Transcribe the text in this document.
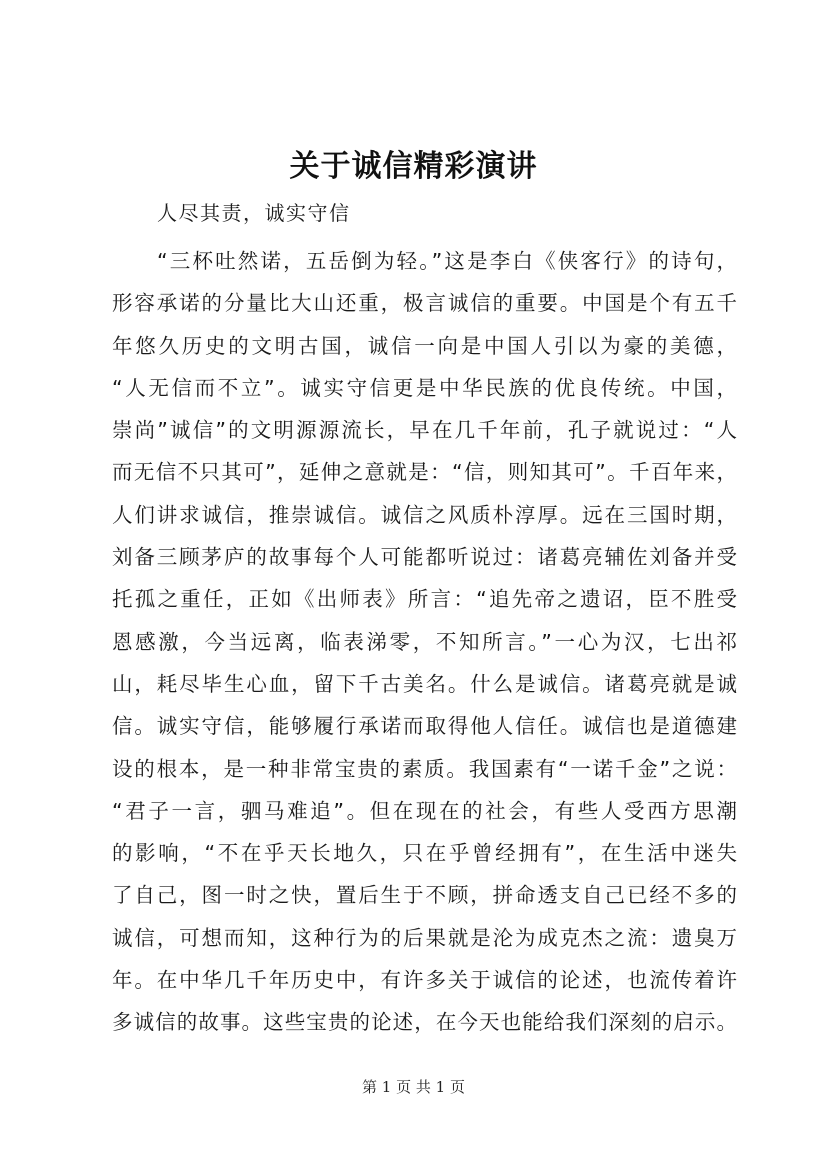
关于诚信精彩演讲
人尽其责，诚实守信
“三杯吐然诺，五岳倒为轻。”这是李白《侠客行》的诗句，
形容承诺的分量比大山还重，极言诚信的重要。中国是个有五千
年悠久历史的文明古国，诚信一向是中国人引以为豪的美德，
“人无信而不立”。诚实守信更是中华民族的优良传统。中国，
崇尚”诚信”的文明源源流长，早在几千年前，孔子就说过：“人
而无信不只其可”，延伸之意就是：“信，则知其可”。千百年来，
人们讲求诚信，推崇诚信。诚信之风质朴淳厚。远在三国时期，
刘备三顾茅庐的故事每个人可能都听说过：诸葛亮辅佐刘备并受
托孤之重任，正如《出师表》所言：“追先帝之遗诏，臣不胜受
恩感激，今当远离，临表涕零，不知所言。”一心为汉，七出祁
山，耗尽毕生心血，留下千古美名。什么是诚信。诸葛亮就是诚
信。诚实守信，能够履行承诺而取得他人信任。诚信也是道德建
设的根本，是一种非常宝贵的素质。我国素有“一诺千金”之说：
“君子一言，驷马难追”。但在现在的社会，有些人受西方思潮
的影响，“不在乎天长地久，只在乎曾经拥有”，在生活中迷失
了自己，图一时之快，置后生于不顾，拼命透支自己已经不多的
诚信，可想而知，这种行为的后果就是沦为成克杰之流：遗臭万
年。在中华几千年历史中，有许多关于诚信的论述，也流传着许
多诚信的故事。这些宝贵的论述，在今天也能给我们深刻的启示。
第 1 页 共 1 页
